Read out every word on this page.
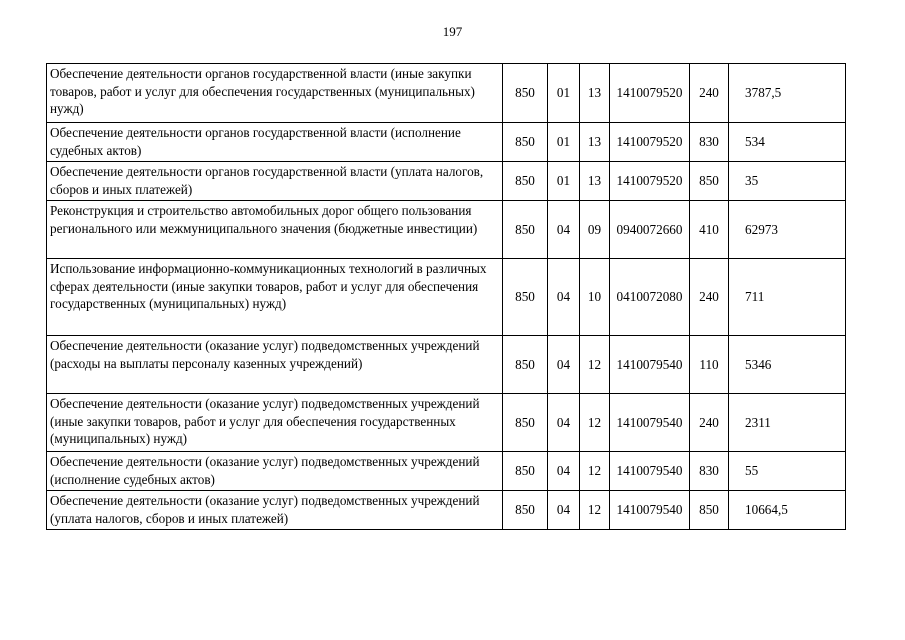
197
Обеспечение деятельности органов государственной власти (иные закупки товаров, работ и услуг для обеспечения государственных (муниципальных) нужд)	850	01	13	1410079520	240	3787,5
Обеспечение деятельности органов государственной власти (исполнение судебных актов)	850	01	13	1410079520	830	534
Обеспечение деятельности органов государственной власти (уплата налогов, сборов и иных платежей)	850	01	13	1410079520	850	35
Реконструкция и строительство автомобильных дорог общего пользования регионального или межмуниципального значения (бюджетные инвестиции)	850	04	09	0940072660	410	62973
Использование информационно-коммуникационных технологий в различных сферах деятельности (иные закупки товаров, работ и услуг для обеспечения государственных (муниципальных) нужд)	850	04	10	0410072080	240	711
Обеспечение деятельности (оказание услуг) подведомственных учреждений (расходы на выплаты персоналу казенных учреждений)	850	04	12	1410079540	110	5346
Обеспечение деятельности (оказание услуг) подведомственных учреждений (иные закупки товаров, работ и услуг для обеспечения государственных (муниципальных) нужд)	850	04	12	1410079540	240	2311
Обеспечение деятельности (оказание услуг) подведомственных учреждений (исполнение судебных актов)	850	04	12	1410079540	830	55
Обеспечение деятельности (оказание услуг) подведомственных учреждений (уплата налогов, сборов и иных платежей)	850	04	12	1410079540	850	10664,5
